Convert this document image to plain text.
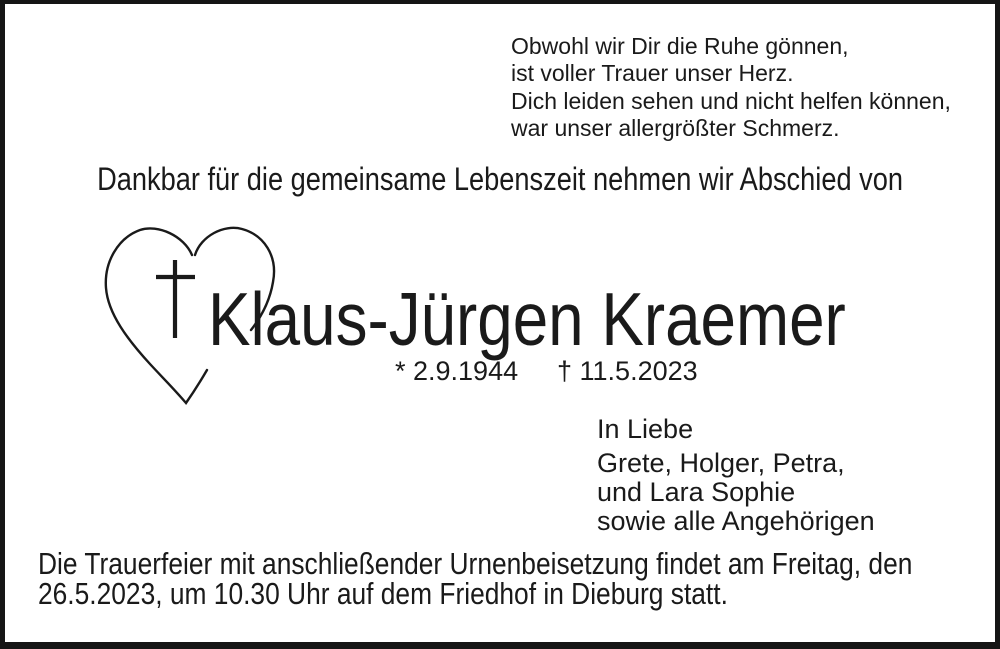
Obwohl wir Dir die Ruhe gönnen,
ist voller Trauer unser Herz.
Dich leiden sehen und nicht helfen können,
war unser allergrößter Schmerz.
Dankbar für die gemeinsame Lebenszeit nehmen wir Abschied von
Klaus-Jürgen Kraemer
* 2.9.1944 † 11.5.2023
In Liebe
Grete, Holger, Petra,
und Lara Sophie
sowie alle Angehörigen
Die Trauerfeier mit anschließender Urnenbeisetzung findet am Freitag, den
26.5.2023, um 10.30 Uhr auf dem Friedhof in Dieburg statt.
